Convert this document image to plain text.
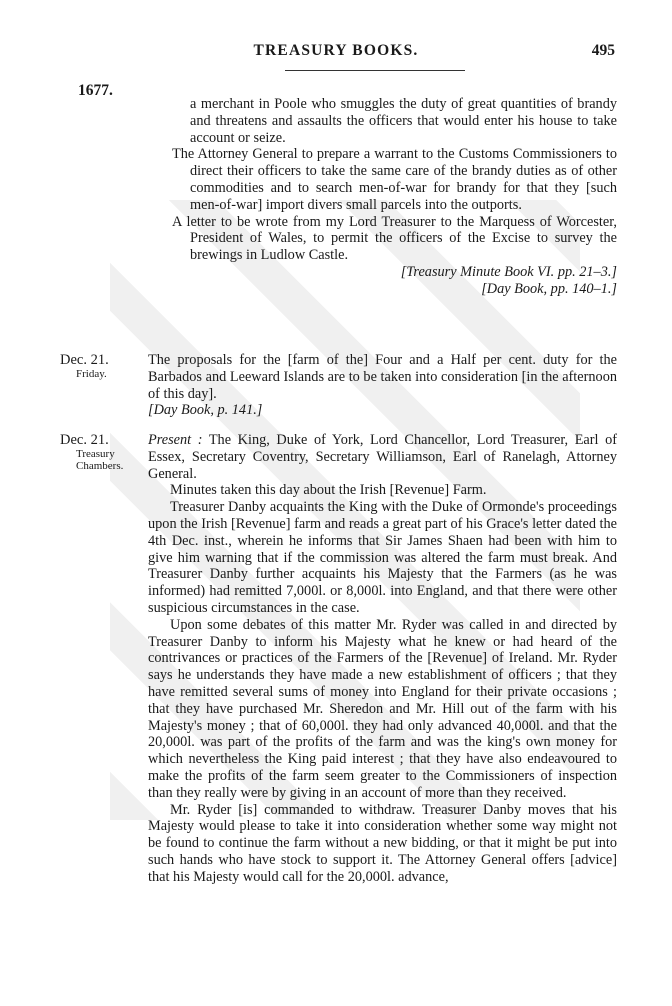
TREASURY BOOKS.	495
1677.

a merchant in Poole who smuggles the duty of great quantities of brandy and threatens and assaults the officers that would enter his house to take account or seize.

The Attorney General to prepare a warrant to the Customs Commissioners to direct their officers to take the same care of the brandy duties as of other commodities and to search men-of-war for brandy for that they [such men-of-war] import divers small parcels into the outports.

A letter to be wrote from my Lord Treasurer to the Marquess of Worcester, President of Wales, to permit the officers of the Excise to survey the brewings in Ludlow Castle.

[Treasury Minute Book VI. pp. 21–3.]

[Day Book, pp. 140–1.]

Dec. 21.
Friday.

The proposals for the [farm of the] Four and a Half per cent. duty for the Barbados and Leeward Islands are to be taken into consideration [in the afternoon of this day].

[Day Book, p. 141.]

Dec. 21.
Treasury
Chambers.

Present : The King, Duke of York, Lord Chancellor, Lord Treasurer, Earl of Essex, Secretary Coventry, Secretary Williamson, Earl of Ranelagh, Attorney General.

Minutes taken this day about the Irish [Revenue] Farm.

Treasurer Danby acquaints the King with the Duke of Ormonde's proceedings upon the Irish [Revenue] farm and reads a great part of his Grace's letter dated the 4th Dec. inst., wherein he informs that Sir James Shaen had been with him to give him warning that if the commission was altered the farm must break. And Treasurer Danby further acquaints his Majesty that the Farmers (as he was informed) had remitted 7,000l. or 8,000l. into England, and that there were other suspicious circumstances in the case.

Upon some debates of this matter Mr. Ryder was called in and directed by Treasurer Danby to inform his Majesty what he knew or had heard of the contrivances or practices of the Farmers of the [Revenue] of Ireland. Mr. Ryder says he understands they have made a new establishment of officers ; that they have remitted several sums of money into England for their private occasions ; that they have purchased Mr. Sheredon and Mr. Hill out of the farm with his Majesty's money ; that of 60,000l. they had only advanced 40,000l. and that the 20,000l. was part of the profits of the farm and was the king's own money for which nevertheless the King paid interest ; that they have also endeavoured to make the profits of the farm seem greater to the Commissioners of inspection than they really were by giving in an account of more than they received.

Mr. Ryder [is] commanded to withdraw. Treasurer Danby moves that his Majesty would please to take it into consideration whether some way might not be found to continue the farm without a new bidding, or that it might be put into such hands who have stock to support it. The Attorney General offers [advice] that his Majesty would call for the 20,000l. advance,
